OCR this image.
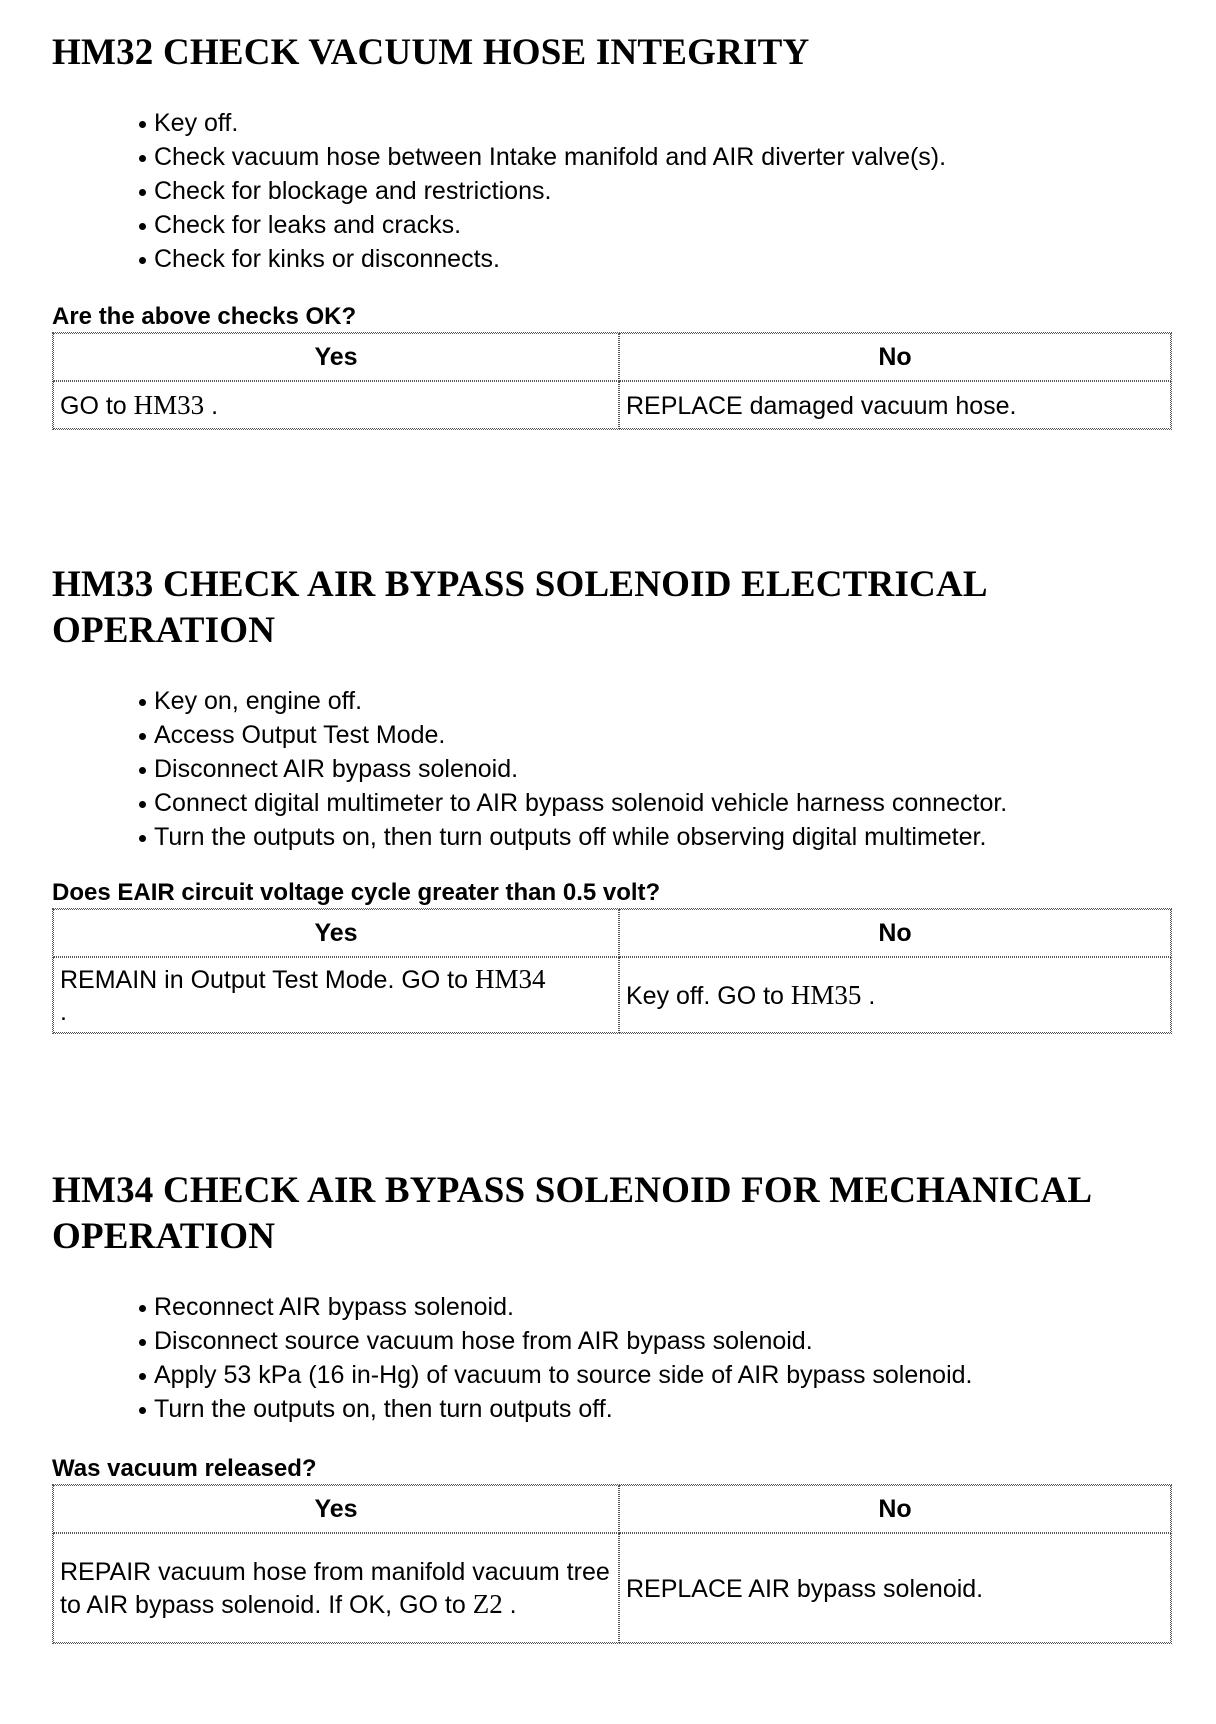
HM32 CHECK VACUUM HOSE INTEGRITY
Key off.
Check vacuum hose between Intake manifold and AIR diverter valve(s).
Check for blockage and restrictions.
Check for leaks and cracks.
Check for kinks or disconnects.

Are the above checks OK?

Yes	No
GO to HM33 .	REPLACE damaged vacuum hose.
HM33 CHECK AIR BYPASS SOLENOID ELECTRICAL OPERATION
Key on, engine off.
Access Output Test Mode.
Disconnect AIR bypass solenoid.
Connect digital multimeter to AIR bypass solenoid vehicle harness connector.
Turn the outputs on, then turn outputs off while observing digital multimeter.

Does EAIR circuit voltage cycle greater than 0.5 volt?

Yes	No
REMAIN in Output Test Mode. GO to HM34 .	Key off. GO to HM35 .
HM34 CHECK AIR BYPASS SOLENOID FOR MECHANICAL OPERATION
Reconnect AIR bypass solenoid.
Disconnect source vacuum hose from AIR bypass solenoid.
Apply 53 kPa (16 in-Hg) of vacuum to source side of AIR bypass solenoid.
Turn the outputs on, then turn outputs off.

Was vacuum released?

Yes	No
REPAIR vacuum hose from manifold vacuum tree to AIR bypass solenoid. If OK, GO to Z2 .	REPLACE AIR bypass solenoid.
